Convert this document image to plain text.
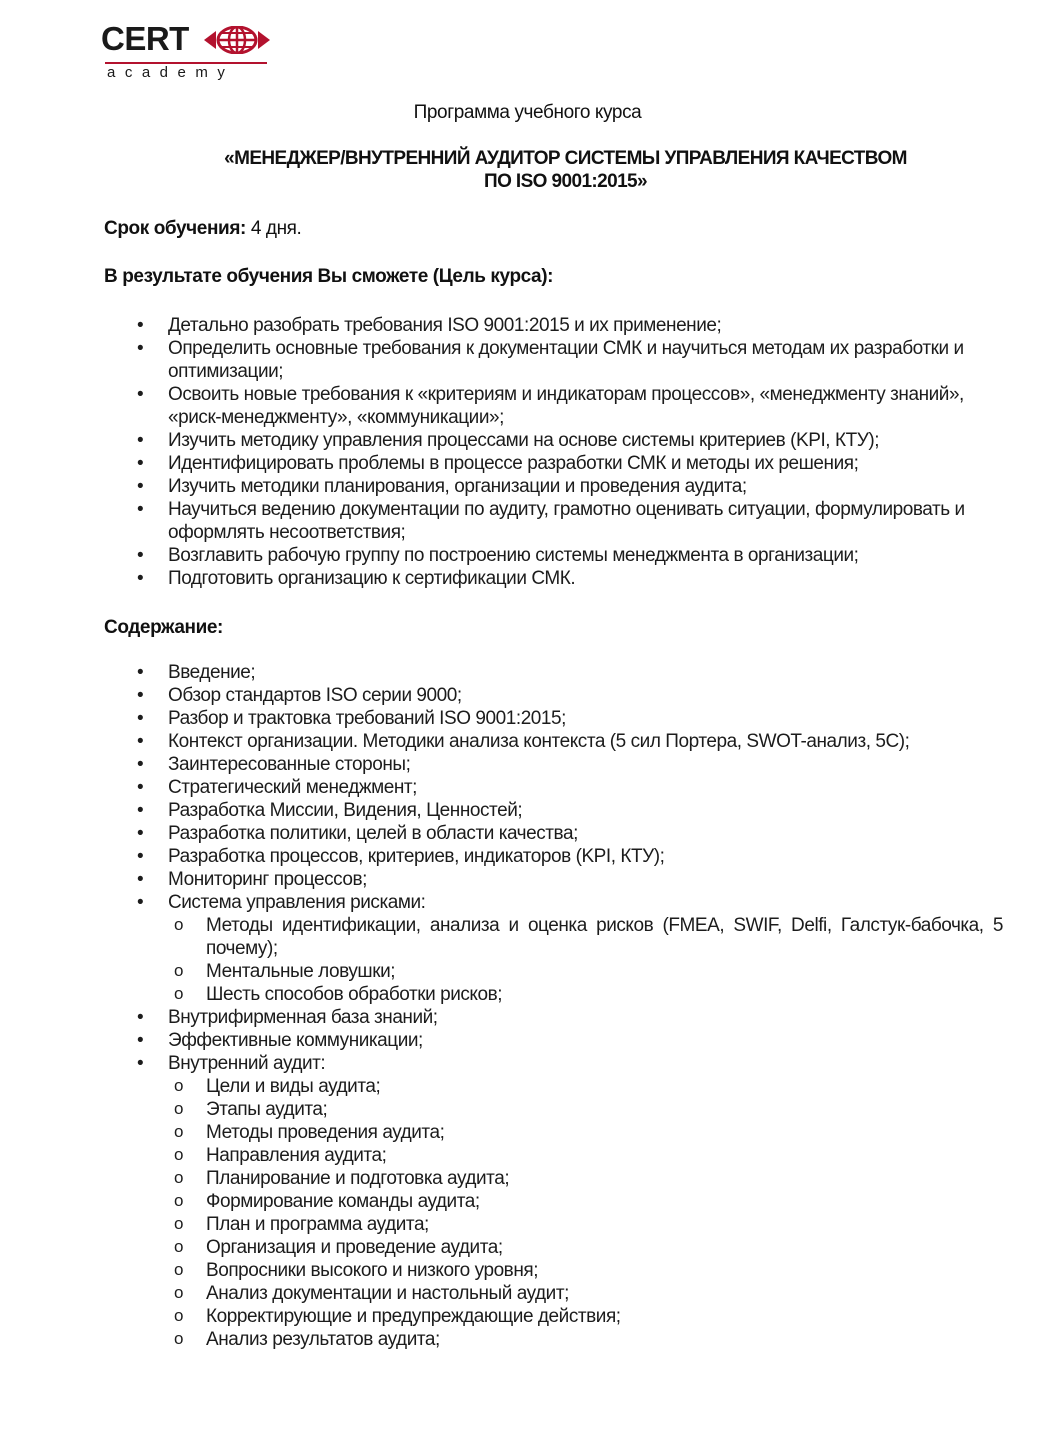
CERT
academy
Программа учебного курса
«МЕНЕДЖЕР/ВНУТРЕННИЙ АУДИТОР СИСТЕМЫ УПРАВЛЕНИЯ КАЧЕСТВОМ
ПО ISO 9001:2015»
Срок обучения: 4 дня.
В результате обучения Вы сможете (Цель курса):
• Детально разобрать требования ISO 9001:2015 и их применение;
• Определить основные требования к документации СМК и научиться методам их разработки и оптимизации;
• Освоить новые требования к «критериям и индикаторам процессов», «менеджменту знаний», «риск-менеджменту», «коммуникации»;
• Изучить методику управления процессами на основе системы критериев (KPI, КТУ);
• Идентифицировать проблемы в процессе разработки СМК и методы их решения;
• Изучить методики планирования, организации и проведения аудита;
• Научиться ведению документации по аудиту, грамотно оценивать ситуации, формулировать и оформлять несоответствия;
• Возглавить рабочую группу по построению системы менеджмента в организации;
• Подготовить организацию к сертификации СМК.
Содержание:
• Введение;
• Обзор стандартов ISO серии 9000;
• Разбор и трактовка требований ISO 9001:2015;
• Контекст организации. Методики анализа контекста (5 сил Портера, SWOT-анализ, 5С);
• Заинтересованные стороны;
• Стратегический менеджмент;
• Разработка Миссии, Видения, Ценностей;
• Разработка политики, целей в области качества;
• Разработка процессов, критериев, индикаторов (KPI, КТУ);
• Мониторинг процессов;
• Система управления рисками:
o Методы идентификации, анализа и оценка рисков (FMEA, SWIF, Delfi, Галстук-бабочка, 5 почему);
o Ментальные ловушки;
o Шесть способов обработки рисков;
• Внутрифирменная база знаний;
• Эффективные коммуникации;
• Внутренний аудит:
o Цели и виды аудита;
o Этапы аудита;
o Методы проведения аудита;
o Направления аудита;
o Планирование и подготовка аудита;
o Формирование команды аудита;
o План и программа аудита;
o Организация и проведение аудита;
o Вопросники высокого и низкого уровня;
o Анализ документации и настольный аудит;
o Корректирующие и предупреждающие действия;
o Анализ результатов аудита;
